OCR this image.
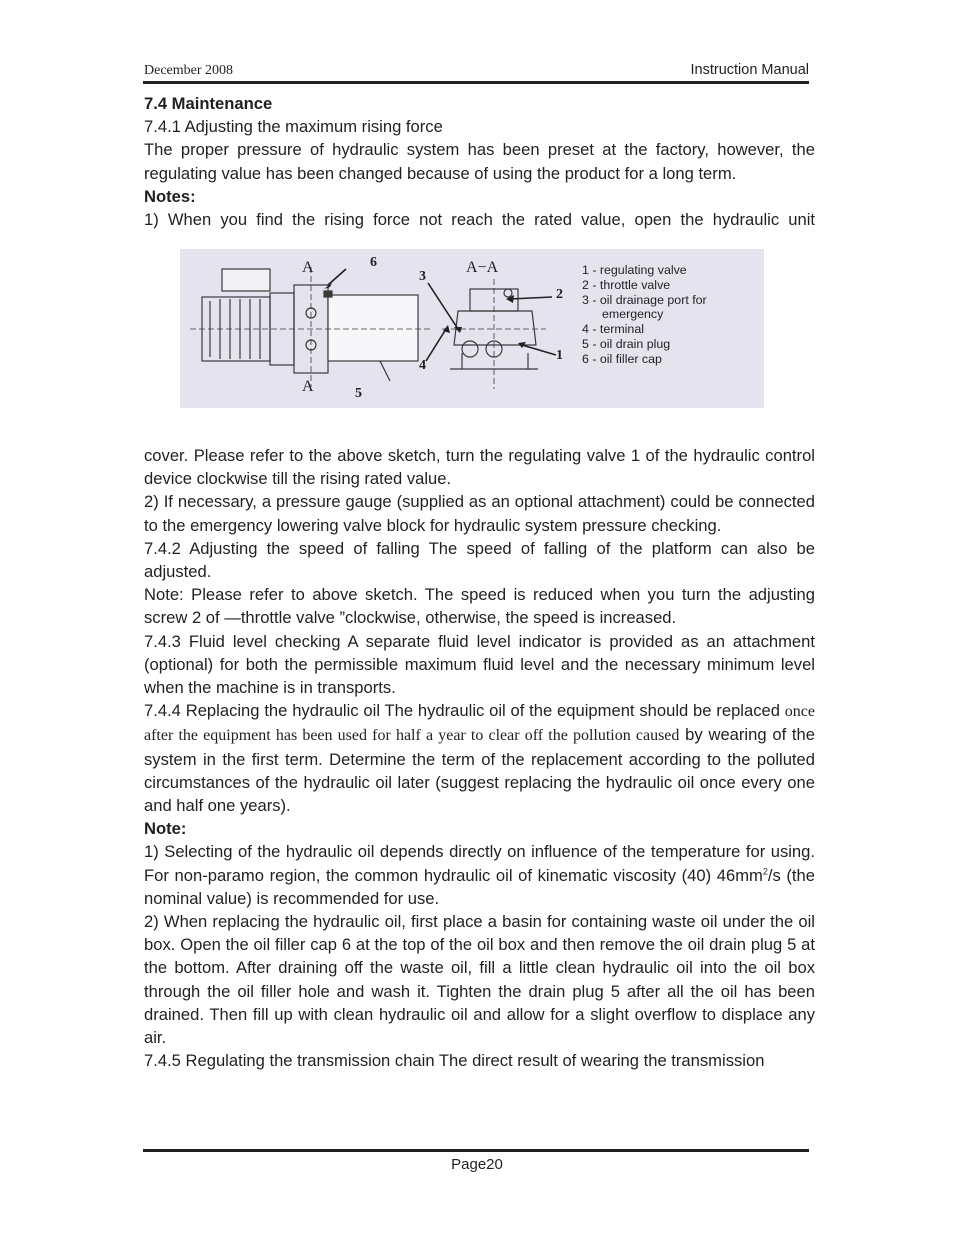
December 2008	Instruction Manual

7.4 Maintenance

7.4.1 Adjusting the maximum rising force

The proper pressure of hydraulic system has been preset at the factory, however, the

regulating value has been changed because of using the product for a long term.

Notes:

1) When you find the rising force not reach the rated value, open the hydraulic unit

A
A
A−A
6
5
3
4
2
1
1 - regulating valve
2 - throttle valve
3 - oil drainage port for
emergency
4 - terminal
5 - oil drain plug
6 - oil filler cap

cover. Please refer to the above sketch, turn the regulating valve 1 of the hydraulic control device clockwise till the rising rated value.

2) If necessary, a pressure gauge (supplied as an optional attachment) could be connected to the emergency lowering valve block for hydraulic system pressure checking.

7.4.2 Adjusting the speed of falling The speed of falling of the platform can also be adjusted.

Note: Please refer to above sketch. The speed is reduced when you turn the adjusting screw 2 of —throttle valve ”clockwise, otherwise, the speed is increased.

7.4.3 Fluid level checking A separate fluid level indicator is provided as an attachment (optional) for both the permissible maximum fluid level and the necessary minimum level when the machine is in transports.

7.4.4 Replacing the hydraulic oil The hydraulic oil of the equipment should be replaced once after the equipment has been used for half a year to clear off the pollution caused by wearing of the system in the first term. Determine the term of the replacement according to the polluted circumstances of the hydraulic oil later (suggest replacing the hydraulic oil once every one and half one years).

Note:

1) Selecting of the hydraulic oil depends directly on influence of the temperature for using. For non-paramo region, the common hydraulic oil of kinematic viscosity (40) $46mm^2/s$ (the nominal value) is recommended for use.

2) When replacing the hydraulic oil, first place a basin for containing waste oil under the oil box. Open the oil filler cap 6 at the top of the oil box and then remove the oil drain plug 5 at the bottom. After draining off the waste oil, fill a little clean hydraulic oil into the oil box through the oil filler hole and wash it. Tighten the drain plug 5 after all the oil has been drained. Then fill up with clean hydraulic oil and allow for a slight overflow to displace any air.

7.4.5 Regulating the transmission chain The direct result of wearing the transmission

Page20
